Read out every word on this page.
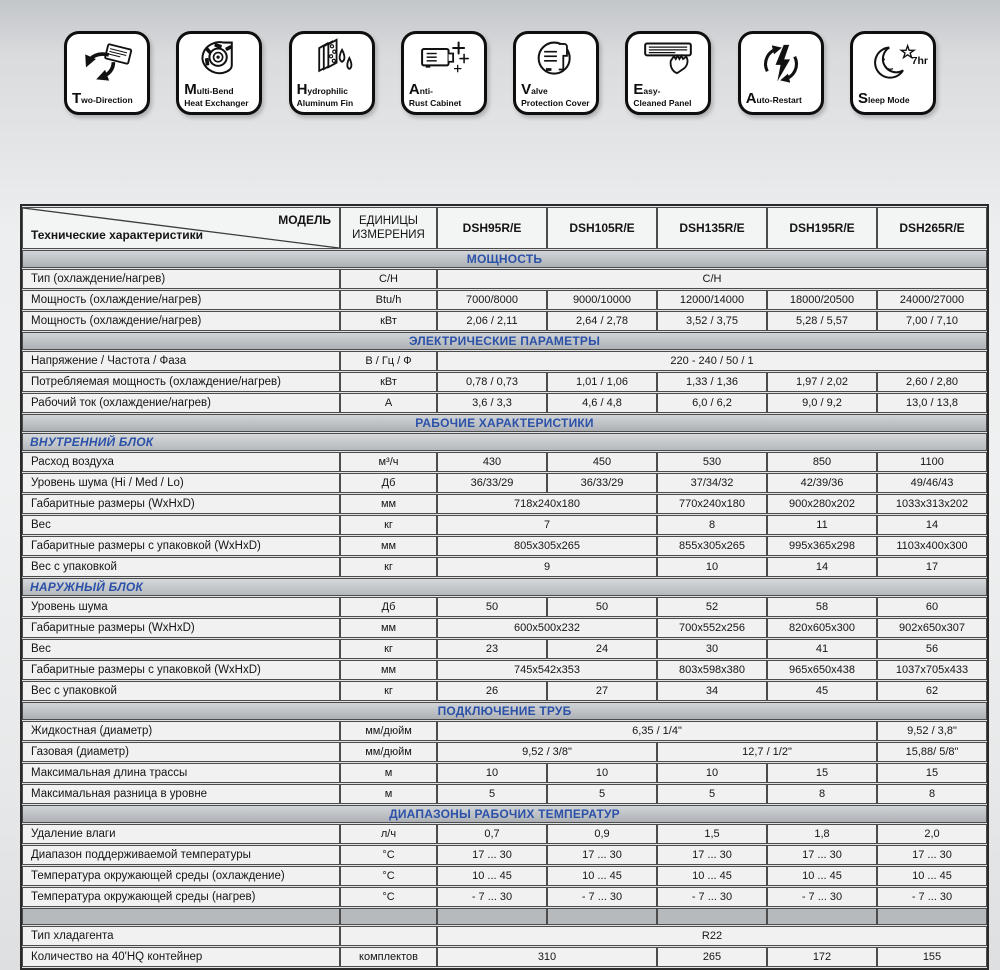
Two-Direction
Multi-Bend
Heat Exchanger
Hydrophilic
Aluminum Fin
Anti-
Rust Cabinet
Valve
Protection Cover
Easy-
Cleaned Panel	Auto-Restart
7hr
Sleep Mode
МОДЕЛЬ
Технические характеристики	ЕДИНИЦЫ ИЗМЕРЕНИЯ	DSH95R/E	DSH105R/E	DSH135R/E	DSH195R/E	DSH265R/E
МОЩНОСТЬ						
Тип (охлаждение/нагрев)	С/Н	С/Н				
Мощность (охлаждение/нагрев)	Btu/h	7000/8000	9000/10000	12000/14000	18000/20500	24000/27000
Мощность (охлаждение/нагрев)	кВт	2,06 / 2,11	2,64 / 2,78	3,52 / 3,75	5,28 / 5,57	7,00 / 7,10
ЭЛЕКТРИЧЕСКИЕ ПАРАМЕТРЫ						
Напряжение / Частота / Фаза	В / Гц / Ф	220 - 240 / 50 / 1				
Потребляемая мощность (охлаждение/нагрев)	кВт	0,78 / 0,73	1,01 / 1,06	1,33 / 1,36	1,97 / 2,02	2,60 / 2,80
Рабочий ток (охлаждение/нагрев)	А	3,6 / 3,3	4,6 / 4,8	6,0 / 6,2	9,0 / 9,2	13,0 / 13,8
РАБОЧИЕ ХАРАКТЕРИСТИКИ						
ВНУТРЕННИЙ БЛОК						
Расход воздуха	м³/ч	430	450	530	850	1100
Уровень шума (Hi / Med / Lo)	Дб	36/33/29	36/33/29	37/34/32	42/39/36	49/46/43
Габаритные размеры (WxHxD)	мм	718x240x180		770x240x180	900x280x202	1033x313x202
Вес	кг	7		8	11	14
Габаритные размеры с упаковкой (WxHxD)	мм	805x305x265		855x305x265	995x365x298	1103x400x300
Вес с упаковкой	кг	9		10	14	17
НАРУЖНЫЙ БЛОК						
Уровень шума	Дб	50	50	52	58	60
Габаритные размеры (WxHxD)	мм	600x500x232		700x552x256	820x605x300	902x650x307
Вес	кг	23	24	30	41	56
Габаритные размеры с упаковкой (WxHxD)	мм	745x542x353		803x598x380	965x650x438	1037x705x433
Вес с упаковкой	кг	26	27	34	45	62
ПОДКЛЮЧЕНИЕ ТРУБ						
Жидкостная (диаметр)	мм/дюйм	6,35 / 1/4"				9,52 / 3,8"
Газовая (диаметр)	мм/дюйм	9,52 / 3/8"		12,7 / 1/2"		15,88/ 5/8"
Максимальная длина трассы	м	10	10	10	15	15
Максимальная разница в уровне	м	5	5	5	8	8
ДИАПАЗОНЫ РАБОЧИХ ТЕМПЕРАТУР						
Удаление влаги	л/ч	0,7	0,9	1,5	1,8	2,0
Диапазон поддерживаемой температуры	°С	17 ... 30	17 ... 30	17 ... 30	17 ... 30	17 ... 30
Температура окружающей среды (охлаждение)	°С	10 ... 45	10 ... 45	10 ... 45	10 ... 45	10 ... 45
Температура окружающей среды (нагрев)	°С	- 7 ... 30	- 7 ... 30	- 7 ... 30	- 7 ... 30	- 7 ... 30

Тип хладагента		R22				
Количество на 40'HQ контейнер	комплектов	310		265	172	155
